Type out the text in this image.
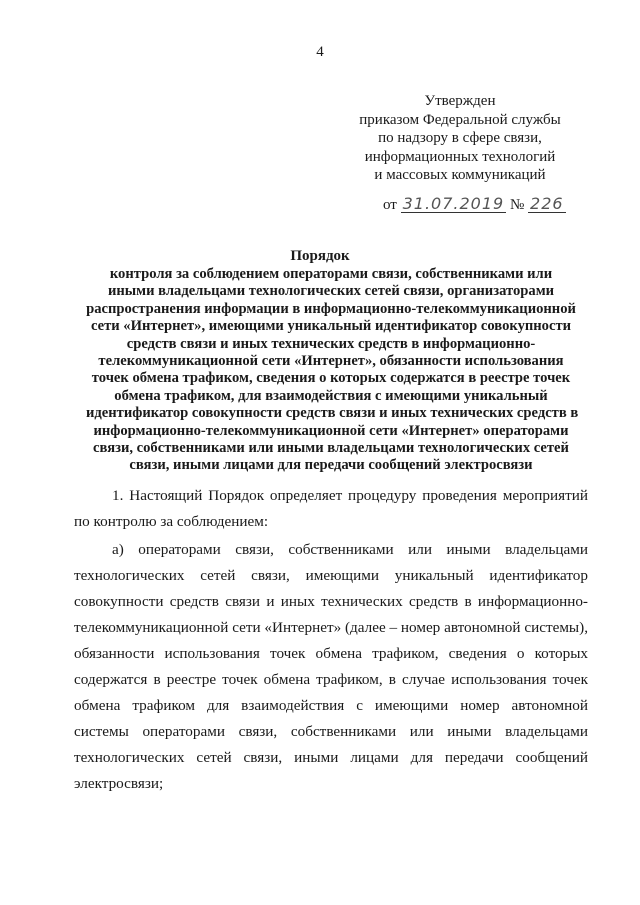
4
Утвержден
приказом Федеральной службы
по надзору в сфере связи,
информационных технологий
и массовых коммуникаций
от 31.07.2019 № 226
Порядок
контроля за соблюдением операторами связи, собственниками или
иными владельцами технологических сетей связи, организаторами
распространения информации в информационно-телекоммуникационной
сети «Интернет», имеющими уникальный идентификатор совокупности
средств связи и иных технических средств в информационно-
телекоммуникационной сети «Интернет», обязанности использования
точек обмена трафиком, сведения о которых содержатся в реестре точек
обмена трафиком, для взаимодействия с имеющими уникальный
идентификатор совокупности средств связи и иных технических средств в
информационно-телекоммуникационной сети «Интернет» операторами
связи, собственниками или иными владельцами технологических сетей
связи, иными лицами для передачи сообщений электросвязи
1. Настоящий Порядок определяет процедуру проведения мероприятий
по контролю за соблюдением:
а) операторами связи, собственниками или иными владельцами
технологических сетей связи, имеющими уникальный идентификатор
совокупности средств связи и иных технических средств в информационно-
телекоммуникационной сети «Интернет» (далее – номер автономной системы),
обязанности использования точек обмена трафиком, сведения о которых
содержатся в реестре точек обмена трафиком, в случае использования точек
обмена трафиком для взаимодействия с имеющими номер автономной
системы операторами связи, собственниками или иными владельцами
технологических сетей связи, иными лицами для передачи сообщений
электросвязи;
